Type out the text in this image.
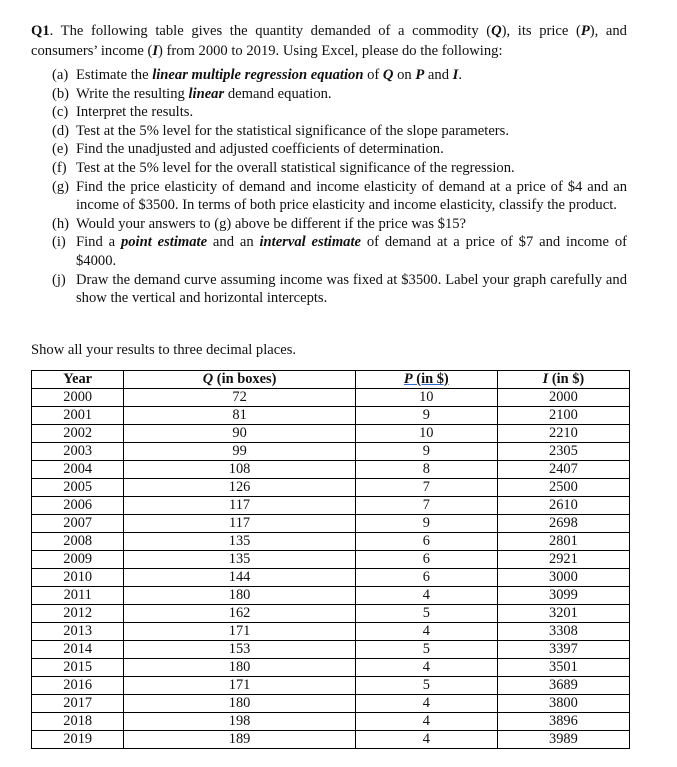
Q1. The following table gives the quantity demanded of a commodity (Q), its price (P), and consumers’ income (I) from 2000 to 2019. Using Excel, please do the following:
(a) Estimate the linear multiple regression equation of Q on P and I.
(b) Write the resulting linear demand equation.
(c) Interpret the results.
(d) Test at the 5% level for the statistical significance of the slope parameters.
(e) Find the unadjusted and adjusted coefficients of determination.
(f) Test at the 5% level for the overall statistical significance of the regression.
(g) Find the price elasticity of demand and income elasticity of demand at a price of $4 and an income of $3500. In terms of both price elasticity and income elasticity, classify the product.
(h) Would your answers to (g) above be different if the price was $15?
(i) Find a point estimate and an interval estimate of demand at a price of $7 and income of $4000.
(j) Draw the demand curve assuming income was fixed at $3500. Label your graph carefully and show the vertical and horizontal intercepts.
Show all your results to three decimal places.
Year	Q (in boxes)	P (in $)	I (in $)
2000	72	10	2000
2001	81	9	2100
2002	90	10	2210
2003	99	9	2305
2004	108	8	2407
2005	126	7	2500
2006	117	7	2610
2007	117	9	2698
2008	135	6	2801
2009	135	6	2921
2010	144	6	3000
2011	180	4	3099
2012	162	5	3201
2013	171	4	3308
2014	153	5	3397
2015	180	4	3501
2016	171	5	3689
2017	180	4	3800
2018	198	4	3896
2019	189	4	3989
